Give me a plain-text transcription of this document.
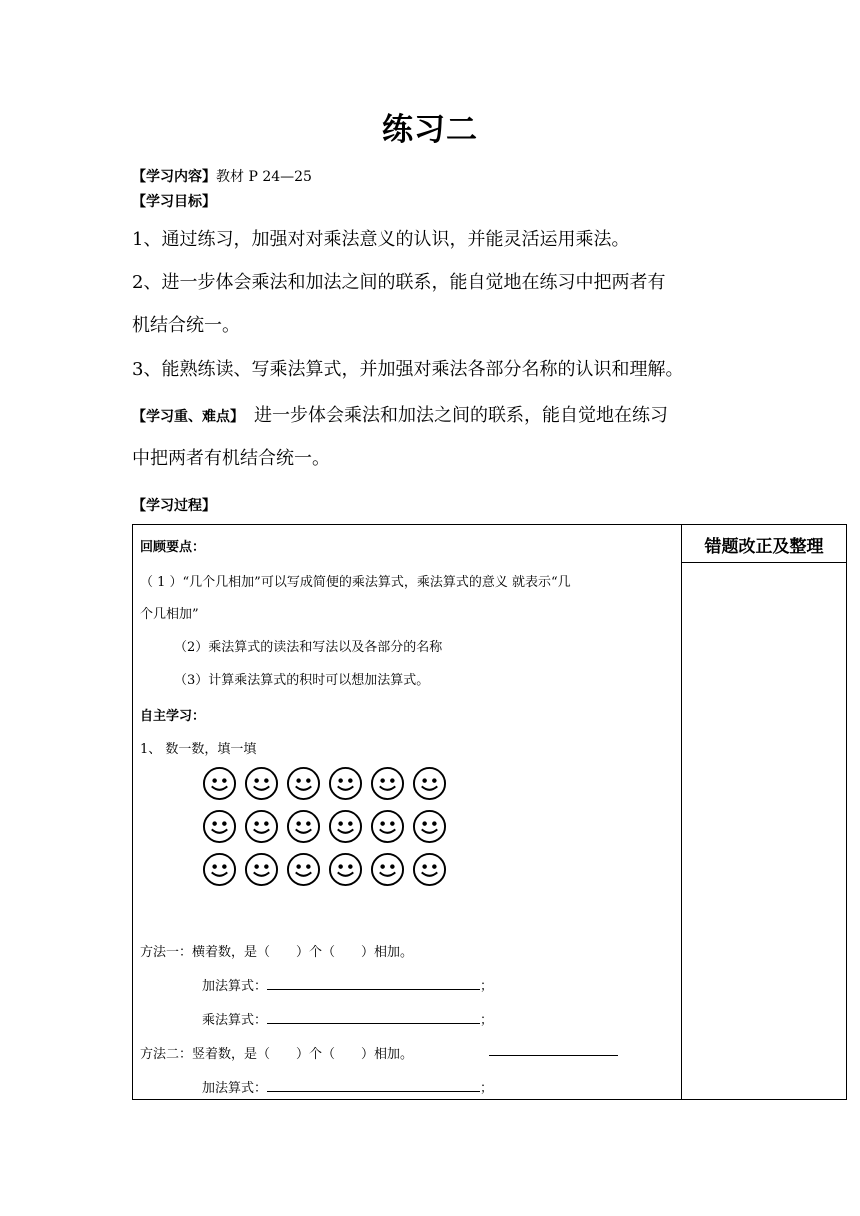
练习二
【学习内容】教材 P 24—25
【学习目标】
1、通过练习，加强对对乘法意义的认识，并能灵活运用乘法。
2、进一步体会乘法和加法之间的联系，能自觉地在练习中把两者有
机结合统一。
3、能熟练读、写乘法算式，并加强对乘法各部分名称的认识和理解。
【学习重、难点】 进一步体会乘法和加法之间的联系，能自觉地在练习
中把两者有机结合统一。
【学习过程】
错题改正及整理
回顾要点：
（ 1 ）“几个几相加”可以写成简便的乘法算式，乘法算式的意义 就表示“几
个几相加”
（2）乘法算式的读法和写法以及各部分的名称
（3）计算乘法算式的积时可以想加法算式。
自主学习：
1、 数一数，填一填
方法一：横着数，是（　　）个（　　）相加。
加法算式：	；
乘法算式：	；
方法二：竖着数，是（　　）个（　　）相加。
加法算式：	；
